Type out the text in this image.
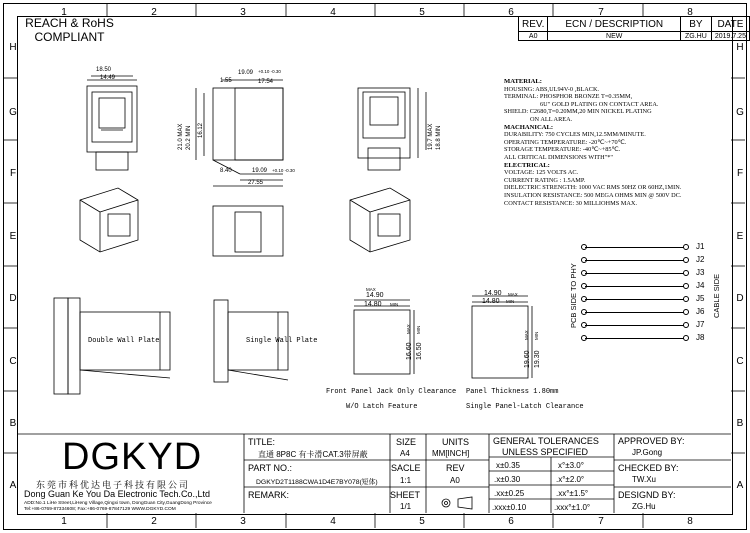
1	2	3	4	5	6	7	8
1	2	3	4	5	6	7	8
H
G
F
E
D
C
B
A
H
G
F
E
D
C
B
A
REACH & RoHS
COMPLIANT
REV.	ECN / DESCRIPTION	BY	DATE
A0	NEW	ZG.HU	2019.7.25
MATERIAL:
HOUSING: ABS,UL94V-0 ,BLACK.
TERMINAL: PHOSPHOR BRONZE T=0.35MM,
6U" GOLD PLATING ON CONTACT AREA.
SHIELD: C2680,T=0.20MM,20 MIN NICKEL PLATING
ON ALL AREA.
MACHANICAL:
DURABILITY: 750 CYCLES MIN,12.5MM/MINUTE.
OPERATING TEMPERATURE: -20℃~+70℃.
STORAGE TEMPERATURE: -40℃~+85℃.
ALL CRITICAL DIMENSIONS WITH"*"
ELECTRICAL:
VOLTAGE: 125 VOLTS AC.
CURRENT RATING : 1.5AMP.
DIELECTRIC STRENGTH: 1000 VAC RMS 50HZ OR 60HZ,1MIN.
INSULATION RESISTANCE: 500 MEGA OHMS MIN @ 500V DC.
CONTACT RESISTANCE: 30 MILLIOHMS MAX.
J1
J2
J3
J4
J5
J6
J7
J8
PCB SIDE TO PHY	CABLE SIDE
18.50
14.49	1.55
19.09 +0.10 -0.30
17.54
8.40	19.09 +0.10 -0.30
27.55
21.0 MAX 20.2 MIN 16.12	19.7 MAX 18.8 MIN
14.90
MAX
14.80 MIN
16.60
MAX
16.50
MIN
14.90 MAX
14.80 MIN
19.60
MAX
19.30
MIN
Double Wall Plate	Single Wall Plate
Front Panel Jack Only Clearance
W/O Latch Feature
Panel Thickness 1.80mm
Single Panel-Latch Clearance
DGKYD
东莞市科优达电子科技有限公司
Dong Guan Ke You Da Electronic Tech.Co.,Ltd
ADD:No.1 LiHe Street,LiHeng Village,Qingxi town, DongGuan City,GuangDong Province
Tel:+86-0769-87334608; Fax:+86-0769-87847129 WWW.DGKYD.COM
TITLE:
直通 8P8C 有卡滑CAT.3带屏蔽
PART NO.:
DGKYD2T1188CWA1D4E7BY078(短体)
REMARK:
SIZE
A4
SACLE
1:1
SHEET
1/1
UNITS
MM[INCH]
REV
A0
GENERAL TOLERANCES
UNLESS SPECIFIED
x±0.35	x°±3.0°
.x±0.30	.x°±2.0°
.xx±0.25	.xx°±1.5°
.xxx±0.10	.xxx°±1.0°
APPROVED BY:
JP.Gong
CHECKED BY:
TW.Xu
DESIGND BY:
ZG.Hu
